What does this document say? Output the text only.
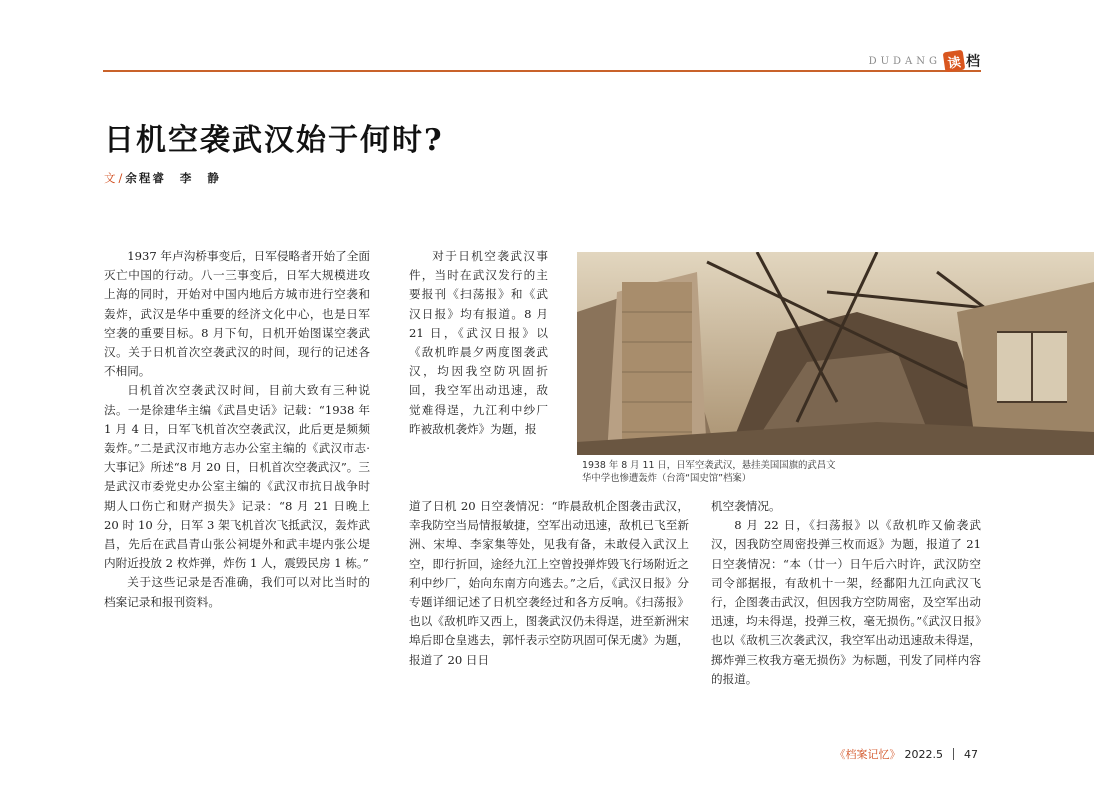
DUDANG 读 档
日机空袭武汉始于何时?
文 / 余程睿 李 静

1937 年卢沟桥事变后，日军侵略者开始了全面灭亡中国的行动。八一三事变后，日军大规模进攻上海的同时，开始对中国内地后方城市进行空袭和轰炸，武汉是华中重要的经济文化中心，也是日军空袭的重要目标。8 月下旬，日机开始图谋空袭武汉。关于日机首次空袭武汉的时间，现行的记述各不相同。

日机首次空袭武汉时间，目前大致有三种说法。一是徐建华主编《武昌史话》记载：“1938 年 1 月 4 日，日军飞机首次空袭武汉，此后更是频频轰炸。”二是武汉市地方志办公室主编的《武汉市志·大事记》所述“8 月 20 日，日机首次空袭武汉”。三是武汉市委党史办公室主编的《武汉市抗日战争时期人口伤亡和财产损失》记录：“8 月 21 日晚上 20 时 10 分，日军 3 架飞机首次飞抵武汉，轰炸武昌，先后在武昌青山张公祠堤外和武丰堤内张公堤内附近投放 2 枚炸弹，炸伤 1 人，震毁民房 1 栋。”

关于这些记录是否准确，我们可以对比当时的档案记录和报刊资料。

对于日机空袭武汉事件，当时在武汉发行的主要报刊《扫荡报》和《武汉日报》均有报道。8 月 21 日，《武汉日报》以《敌机昨晨夕两度图袭武汉，均因我空防巩固折回，我空军出动迅速，敌觉难得逞，九江利中纱厂昨被敌机袭炸》为题，报

道了日机 20 日空袭情况：“昨晨敌机企图袭击武汉，幸我防空当局情报敏捷，空军出动迅速，敌机已飞至新洲、宋埠、李家集等处，见我有备，未敢侵入武汉上空，即行折回，途经九江上空曾投弹炸毁飞行场附近之利中纱厂，始向东南方向逃去。”之后，《武汉日报》分专题详细记述了日机空袭经过和各方反响。《扫荡报》也以《敌机昨又西上，图袭武汉仍未得逞，进至新洲宋埠后即仓皇逃去，郭忏表示空防巩固可保无虞》为题，报道了 20 日日

1938 年 8 月 11 日，日军空袭武汉，悬挂美国国旗的武昌文
华中学也惨遭轰炸（台湾“国史馆”档案）

机空袭情况。

8 月 22 日，《扫荡报》以《敌机昨又偷袭武汉，因我防空周密投弹三枚而返》为题，报道了 21 日空袭情况：“本（廿一）日午后六时许，武汉防空司令部据报，有敌机十一架，经鄱阳九江向武汉飞行，企图袭击武汉，但因我方空防周密，及空军出动迅速，均未得逞，投弹三枚，毫无损伤。”《武汉日报》也以《敌机三次袭武汉，我空军出动迅速敌未得逞，掷炸弹三枚我方毫无损伤》为标题，刊发了同样内容的报道。

《档案记忆》 2022.5 47
